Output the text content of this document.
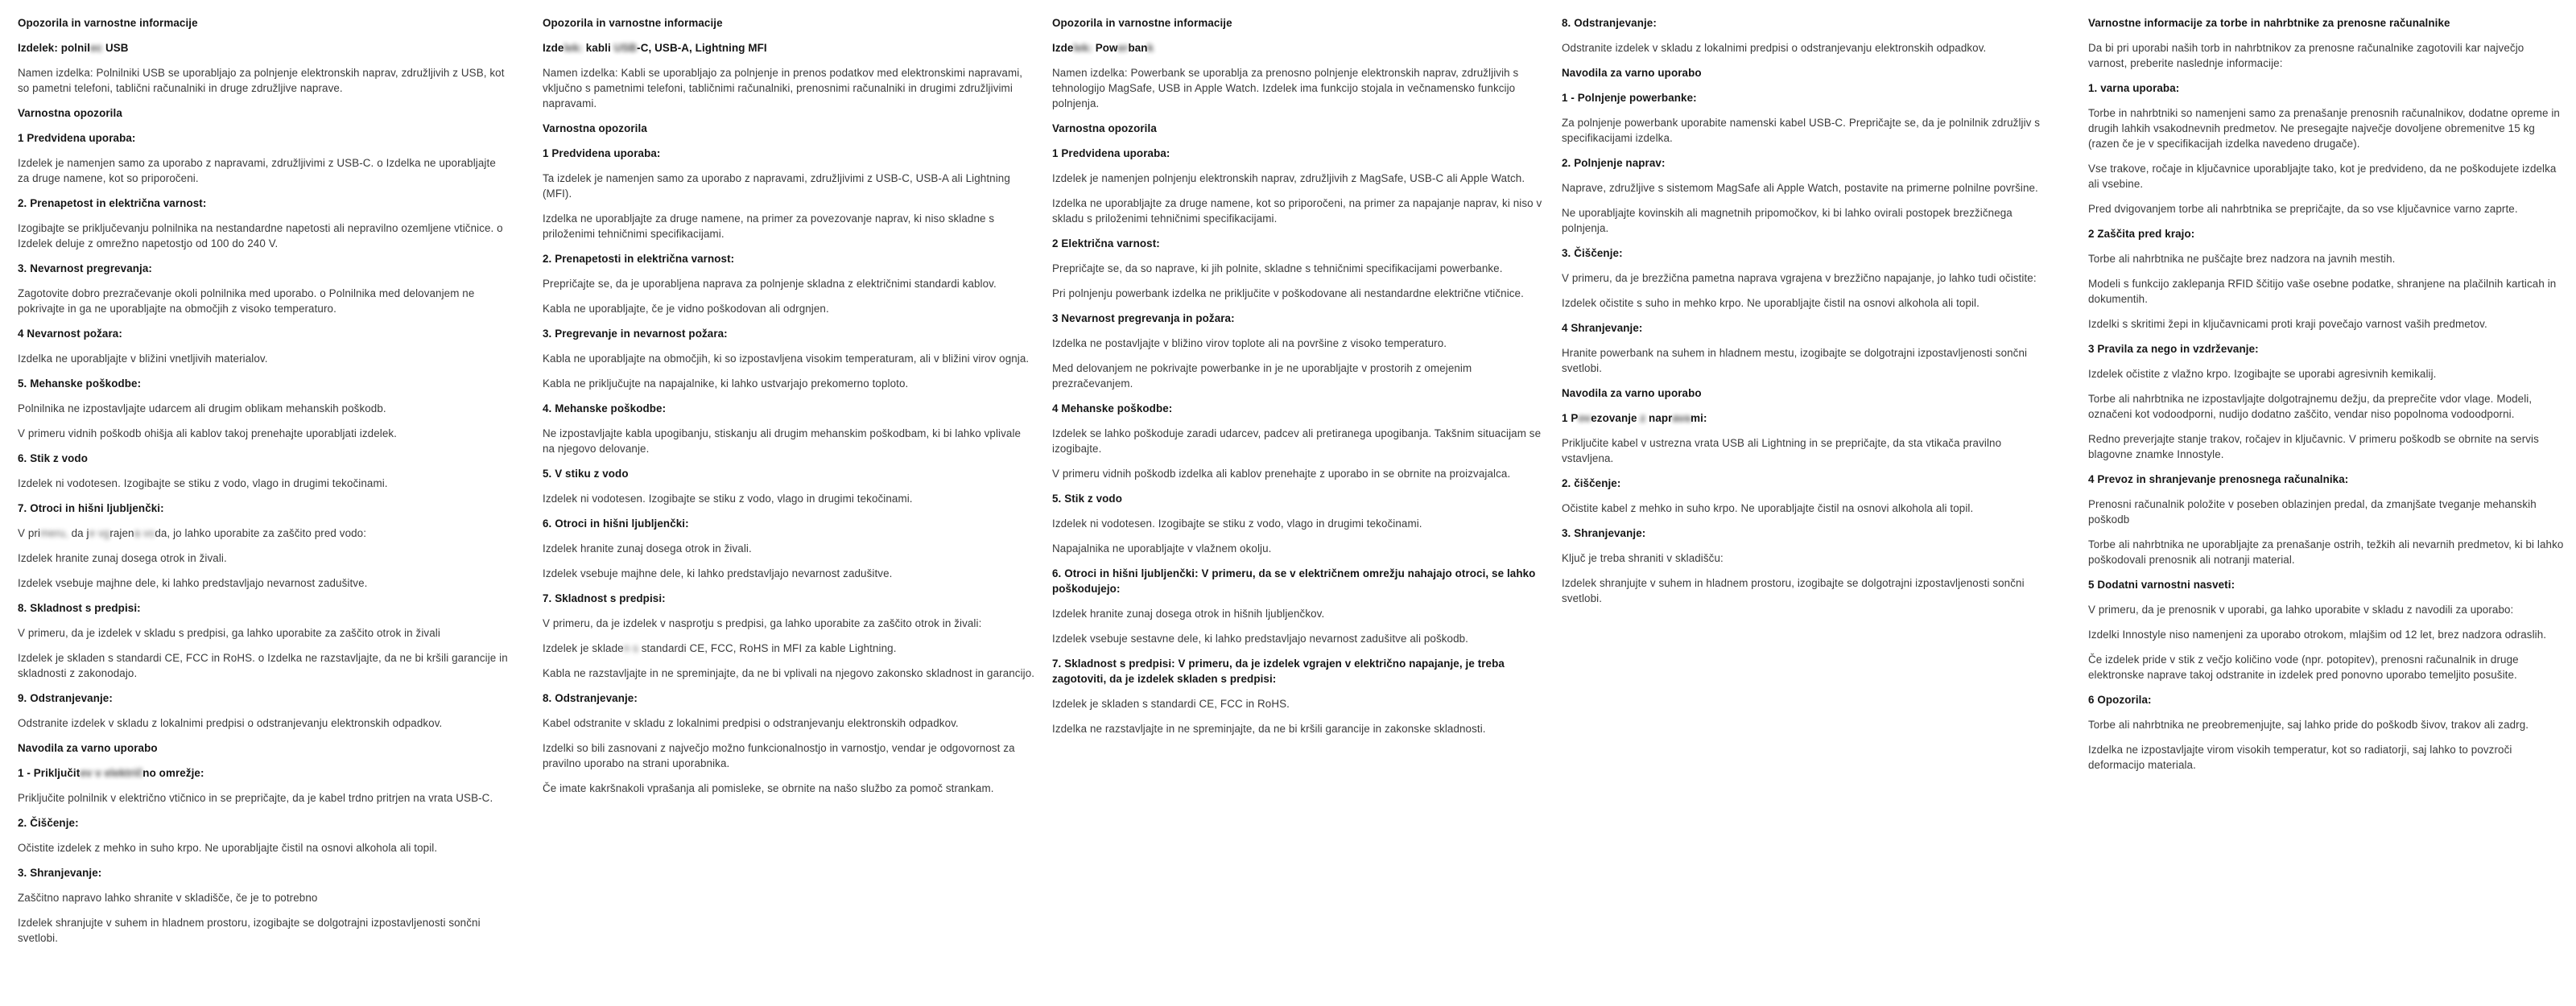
Opozorila in varnostne informacije
Izdelek: polnilec USB

Namen izdelka: Polnilniki USB se uporabljajo za polnjenje elektronskih naprav, združljivih z USB, kot so pametni telefoni, tablični računalniki in druge združljive naprave.

Varnostna opozorila
1 Predvidena uporaba:

Izdelek je namenjen samo za uporabo z napravami, združljivimi z USB-C. o Izdelka ne uporabljajte za druge namene, kot so priporočeni.

2. Prenapetost in električna varnost:

Izogibajte se priključevanju polnilnika na nestandardne napetosti ali nepravilno ozemljene vtičnice. o Izdelek deluje z omrežno napetostjo od 100 do 240 V.

3. Nevarnost pregrevanja:

Zagotovite dobro prezračevanje okoli polnilnika med uporabo. o Polnilnika med delovanjem ne pokrivajte in ga ne uporabljajte na območjih z visoko temperaturo.

4 Nevarnost požara:

Izdelka ne uporabljajte v bližini vnetljivih materialov.

5. Mehanske poškodbe:

Polnilnika ne izpostavljajte udarcem ali drugim oblikam mehanskih poškodb.

V primeru vidnih poškodb ohišja ali kablov takoj prenehajte uporabljati izdelek.

6. Stik z vodo

Izdelek ni vodotesen. Izogibajte se stiku z vodo, vlago in drugimi tekočinami.

7. Otroci in hišni ljubljenčki:

V primeru, da je vgrajena voda, jo lahko uporabite za zaščito pred vodo:

Izdelek hranite zunaj dosega otrok in živali.

Izdelek vsebuje majhne dele, ki lahko predstavljajo nevarnost zadušitve.

8. Skladnost s predpisi:

V primeru, da je izdelek v skladu s predpisi, ga lahko uporabite za zaščito otrok in živali

Izdelek je skladen s standardi CE, FCC in RoHS. o Izdelka ne razstavljajte, da ne bi kršili garancije in skladnosti z zakonodajo.

9. Odstranjevanje:

Odstranite izdelek v skladu z lokalnimi predpisi o odstranjevanju elektronskih odpadkov.

Navodila za varno uporabo
1 - Priključitev v električno omrežje:

Priključite polnilnik v električno vtičnico in se prepričajte, da je kabel trdno pritrjen na vrata USB-C.

2. Čiščenje:

Očistite izdelek z mehko in suho krpo. Ne uporabljajte čistil na osnovi alkohola ali topil.

3. Shranjevanje:

Zaščitno napravo lahko shranite v skladišče, če je to potrebno

Izdelek shranjujte v suhem in hladnem prostoru, izogibajte se dolgotrajni izpostavljenosti sončni svetlobi.

Opozorila in varnostne informacije
Izdelek: kabli USB-C, USB-A, Lightning MFI

Namen izdelka: Kabli se uporabljajo za polnjenje in prenos podatkov med elektronskimi napravami, vključno s pametnimi telefoni, tabličnimi računalniki, prenosnimi računalniki in drugimi združljivimi napravami.

Varnostna opozorila
1 Predvidena uporaba:

Ta izdelek je namenjen samo za uporabo z napravami, združljivimi z USB-C, USB-A ali Lightning (MFI).

Izdelka ne uporabljajte za druge namene, na primer za povezovanje naprav, ki niso skladne s priloženimi tehničnimi specifikacijami.

2. Prenapetosti in električna varnost:

Prepričajte se, da je uporabljena naprava za polnjenje skladna z električnimi standardi kablov.

Kabla ne uporabljajte, če je vidno poškodovan ali odrgnjen.

3. Pregrevanje in nevarnost požara:

Kabla ne uporabljajte na območjih, ki so izpostavljena visokim temperaturam, ali v bližini virov ognja.

Kabla ne priključujte na napajalnike, ki lahko ustvarjajo prekomerno toploto.

4. Mehanske poškodbe:

Ne izpostavljajte kabla upogibanju, stiskanju ali drugim mehanskim poškodbam, ki bi lahko vplivale na njegovo delovanje.

5. V stiku z vodo

Izdelek ni vodotesen. Izogibajte se stiku z vodo, vlago in drugimi tekočinami.

6. Otroci in hišni ljubljenčki:

Izdelek hranite zunaj dosega otrok in živali.

Izdelek vsebuje majhne dele, ki lahko predstavljajo nevarnost zadušitve.

7. Skladnost s predpisi:

V primeru, da je izdelek v nasprotju s predpisi, ga lahko uporabite za zaščito otrok in živali:

Izdelek je skladen s standardi CE, FCC, RoHS in MFI za kable Lightning.

Kabla ne razstavljajte in ne spreminjajte, da ne bi vplivali na njegovo zakonsko skladnost in garancijo.

8. Odstranjevanje:

Kabel odstranite v skladu z lokalnimi predpisi o odstranjevanju elektronskih odpadkov.

Izdelki so bili zasnovani z največjo možno funkcionalnostjo in varnostjo, vendar je odgovornost za pravilno uporabo na strani uporabnika.

Če imate kakršnakoli vprašanja ali pomisleke, se obrnite na našo službo za pomoč strankam.

Opozorila in varnostne informacije
Izdelek: Powerbank

Namen izdelka: Powerbank se uporablja za prenosno polnjenje elektronskih naprav, združljivih s tehnologijo MagSafe, USB in Apple Watch. Izdelek ima funkcijo stojala in večnamensko funkcijo polnjenja.

Varnostna opozorila
1 Predvidena uporaba:

Izdelek je namenjen polnjenju elektronskih naprav, združljivih z MagSafe, USB-C ali Apple Watch.

Izdelka ne uporabljajte za druge namene, kot so priporočeni, na primer za napajanje naprav, ki niso v skladu s priloženimi tehničnimi specifikacijami.

2 Električna varnost:

Prepričajte se, da so naprave, ki jih polnite, skladne s tehničnimi specifikacijami powerbanke.

Pri polnjenju powerbank izdelka ne priključite v poškodovane ali nestandardne električne vtičnice.

3 Nevarnost pregrevanja in požara:

Izdelka ne postavljajte v bližino virov toplote ali na površine z visoko temperaturo.

Med delovanjem ne pokrivajte powerbanke in je ne uporabljajte v prostorih z omejenim prezračevanjem.

4 Mehanske poškodbe:

Izdelek se lahko poškoduje zaradi udarcev, padcev ali pretiranega upogibanja. Takšnim situacijam se izogibajte.

V primeru vidnih poškodb izdelka ali kablov prenehajte z uporabo in se obrnite na proizvajalca.

5. Stik z vodo

Izdelek ni vodotesen. Izogibajte se stiku z vodo, vlago in drugimi tekočinami.

Napajalnika ne uporabljajte v vlažnem okolju.

6. Otroci in hišni ljubljenčki: V primeru, da se v električnem omrežju nahajajo otroci, se lahko poškodujejo:

Izdelek hranite zunaj dosega otrok in hišnih ljubljenčkov.

Izdelek vsebuje sestavne dele, ki lahko predstavljajo nevarnost zadušitve ali poškodb.

7. Skladnost s predpisi: V primeru, da je izdelek vgrajen v električno napajanje, je treba zagotoviti, da je izdelek skladen s predpisi:

Izdelek je skladen s standardi CE, FCC in RoHS.

Izdelka ne razstavljajte in ne spreminjajte, da ne bi kršili garancije in zakonske skladnosti.

8. Odstranjevanje:

Odstranite izdelek v skladu z lokalnimi predpisi o odstranjevanju elektronskih odpadkov.

Navodila za varno uporabo
1 - Polnjenje powerbanke:

Za polnjenje powerbank uporabite namenski kabel USB-C. Prepričajte se, da je polnilnik združljiv s specifikacijami izdelka.

2. Polnjenje naprav:

Naprave, združljive s sistemom MagSafe ali Apple Watch, postavite na primerne polnilne površine.

Ne uporabljajte kovinskih ali magnetnih pripomočkov, ki bi lahko ovirali postopek brezžičnega polnjenja.

3. Čiščenje:

V primeru, da je brezžična pametna naprava vgrajena v brezžično napajanje, jo lahko tudi očistite:

Izdelek očistite s suho in mehko krpo. Ne uporabljajte čistil na osnovi alkohola ali topil.

4 Shranjevanje:

Hranite powerbank na suhem in hladnem mestu, izogibajte se dolgotrajni izpostavljenosti sončni svetlobi.

Navodila za varno uporabo
1 Povezovanje z napravami:

Priključite kabel v ustrezna vrata USB ali Lightning in se prepričajte, da sta vtikača pravilno vstavljena.

2. čiščenje:

Očistite kabel z mehko in suho krpo. Ne uporabljajte čistil na osnovi alkohola ali topil.

3. Shranjevanje:

Ključ je treba shraniti v skladišču:

Izdelek shranjujte v suhem in hladnem prostoru, izogibajte se dolgotrajni izpostavljenosti sončni svetlobi.

Varnostne informacije za torbe in nahrbtnike za prenosne računalnike

Da bi pri uporabi naših torb in nahrbtnikov za prenosne računalnike zagotovili kar največjo varnost, preberite naslednje informacije:

1. varna uporaba:

Torbe in nahrbtniki so namenjeni samo za prenašanje prenosnih računalnikov, dodatne opreme in drugih lahkih vsakodnevnih predmetov. Ne presegajte največje dovoljene obremenitve 15 kg (razen če je v specifikacijah izdelka navedeno drugače).

Vse trakove, ročaje in ključavnice uporabljajte tako, kot je predvideno, da ne poškodujete izdelka ali vsebine.

Pred dvigovanjem torbe ali nahrbtnika se prepričajte, da so vse ključavnice varno zaprte.

2 Zaščita pred krajo:

Torbe ali nahrbtnika ne puščajte brez nadzora na javnih mestih.

Modeli s funkcijo zaklepanja RFID ščitijo vaše osebne podatke, shranjene na plačilnih karticah in dokumentih.

Izdelki s skritimi žepi in ključavnicami proti kraji povečajo varnost vaših predmetov.

3 Pravila za nego in vzdrževanje:

Izdelek očistite z vlažno krpo. Izogibajte se uporabi agresivnih kemikalij.

Torbe ali nahrbtnika ne izpostavljajte dolgotrajnemu dežju, da preprečite vdor vlage. Modeli, označeni kot vodoodporni, nudijo dodatno zaščito, vendar niso popolnoma vodoodporni.

Redno preverjajte stanje trakov, ročajev in ključavnic. V primeru poškodb se obrnite na servis blagovne znamke Innostyle.

4 Prevoz in shranjevanje prenosnega računalnika:

Prenosni računalnik položite v poseben oblazinjen predal, da zmanjšate tveganje mehanskih poškodb

Torbe ali nahrbtnika ne uporabljajte za prenašanje ostrih, težkih ali nevarnih predmetov, ki bi lahko poškodovali prenosnik ali notranji material.

5 Dodatni varnostni nasveti:

V primeru, da je prenosnik v uporabi, ga lahko uporabite v skladu z navodili za uporabo:

Izdelki Innostyle niso namenjeni za uporabo otrokom, mlajšim od 12 let, brez nadzora odraslih.

Če izdelek pride v stik z večjo količino vode (npr. potopitev), prenosni računalnik in druge elektronske naprave takoj odstranite in izdelek pred ponovno uporabo temeljito posušite.

6 Opozorila:

Torbe ali nahrbtnika ne preobremenjujte, saj lahko pride do poškodb šivov, trakov ali zadrg.

Izdelka ne izpostavljajte virom visokih temperatur, kot so radiatorji, saj lahko to povzroči deformacijo materiala.
